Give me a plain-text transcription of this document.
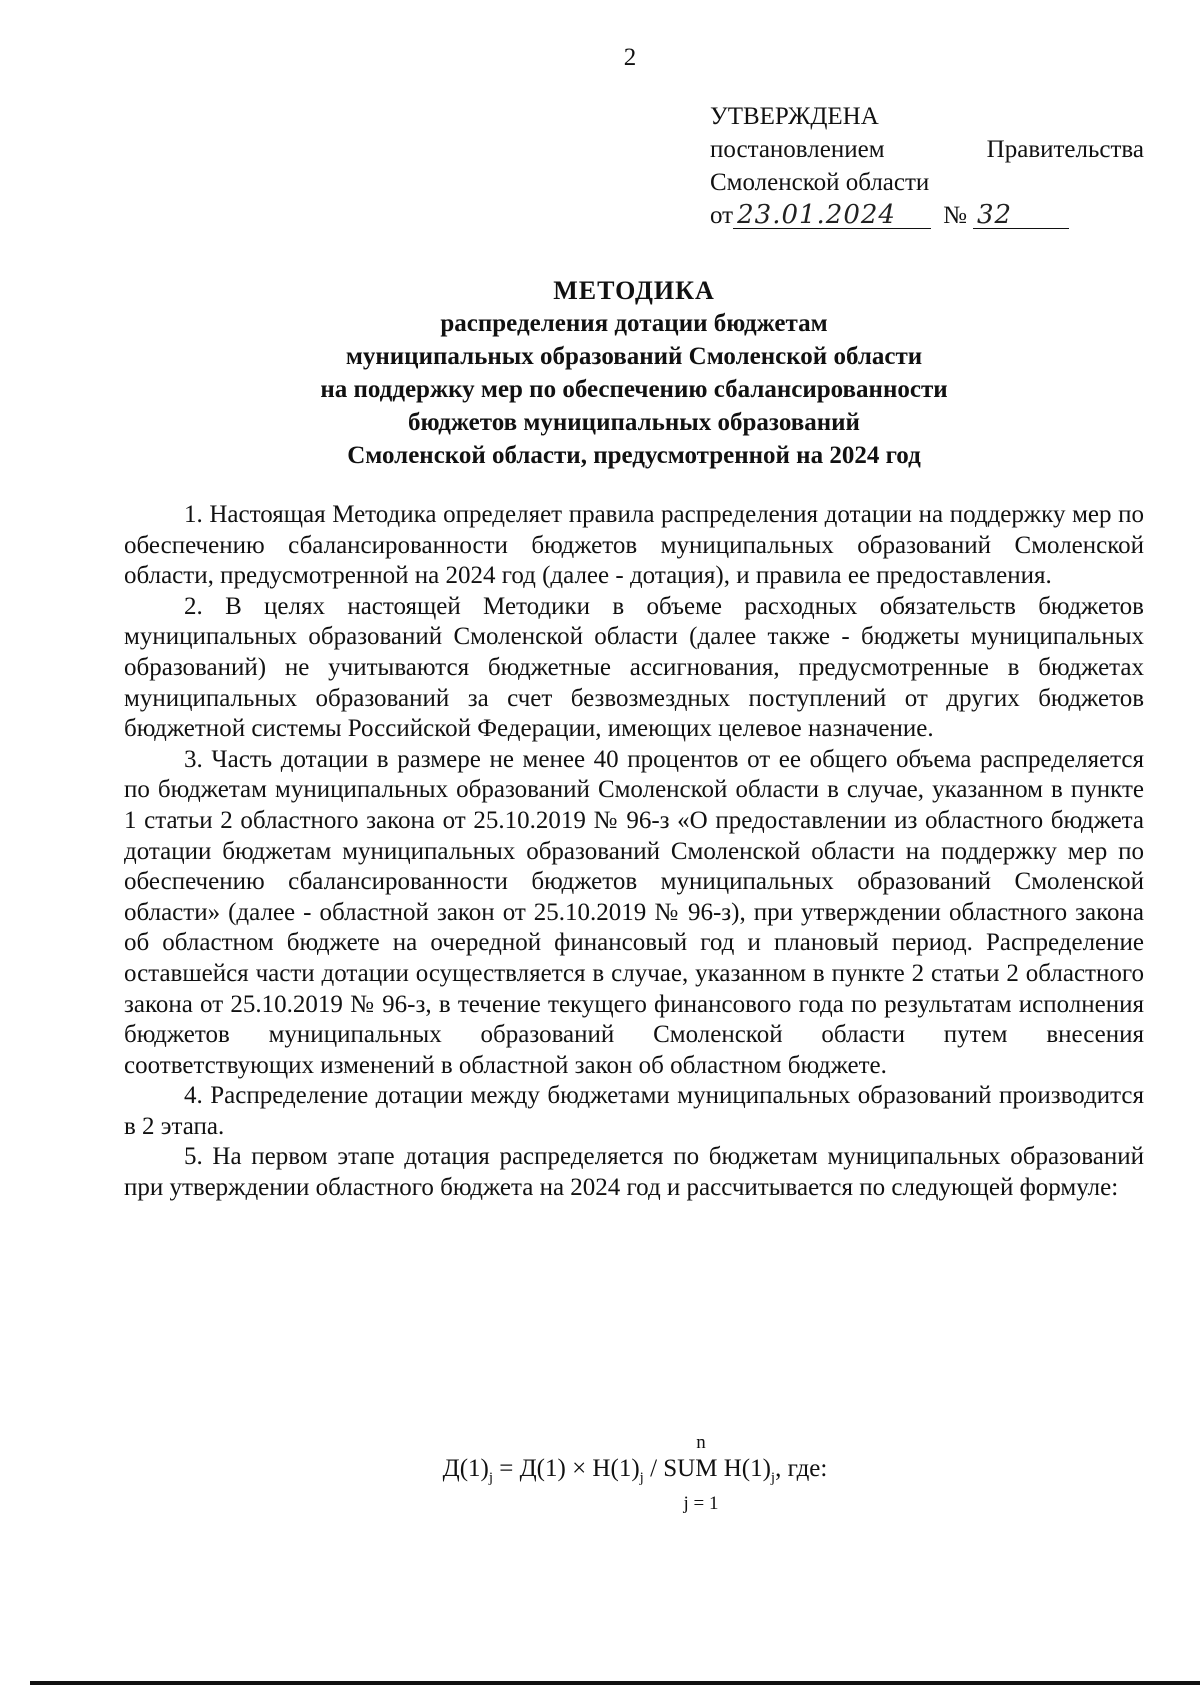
2
УТВЕРЖДЕНА
постановлением	Правительства
Смоленской области
от 23.01.2024	№ 32
МЕТОДИКА
распределения дотации бюджетам
муниципальных образований Смоленской области
на поддержку мер по обеспечению сбалансированности
бюджетов муниципальных образований
Смоленской области, предусмотренной на 2024 год

1. Настоящая Методика определяет правила распределения дотации на поддержку мер по обеспечению сбалансированности бюджетов муниципальных образований Смоленской области, предусмотренной на 2024 год (далее - дотация), и правила ее предоставления.

2. В целях настоящей Методики в объеме расходных обязательств бюджетов муниципальных образований Смоленской области (далее также - бюджеты муниципальных образований) не учитываются бюджетные ассигнования, предусмотренные в бюджетах муниципальных образований за счет безвозмездных поступлений от других бюджетов бюджетной системы Российской Федерации, имеющих целевое назначение.

3. Часть дотации в размере не менее 40 процентов от ее общего объема распределяется по бюджетам муниципальных образований Смоленской области в случае, указанном в пункте 1 статьи 2 областного закона от 25.10.2019 № 96-з «О предоставлении из областного бюджета дотации бюджетам муниципальных образований Смоленской области на поддержку мер по обеспечению сбалансированности бюджетов муниципальных образований Смоленской области» (далее - областной закон от 25.10.2019 № 96-з), при утверждении областного закона об областном бюджете на очередной финансовый год и плановый период. Распределение оставшейся части дотации осуществляется в случае, указанном в пункте 2 статьи 2 областного закона от 25.10.2019 № 96-з, в течение текущего финансового года по результатам исполнения бюджетов муниципальных образований Смоленской области путем внесения соответствующих изменений в областной закон об областном бюджете.

4. Распределение дотации между бюджетами муниципальных образований производится в 2 этапа.

5. На первом этапе дотация распределяется по бюджетам муниципальных образований при утверждении областного бюджета на 2024 год и рассчитывается по следующей формуле:

n
$Д(1)_j = Д(1) \times Н(1)_j$ / SUM $Н(1)_j$, где:
j = 1
